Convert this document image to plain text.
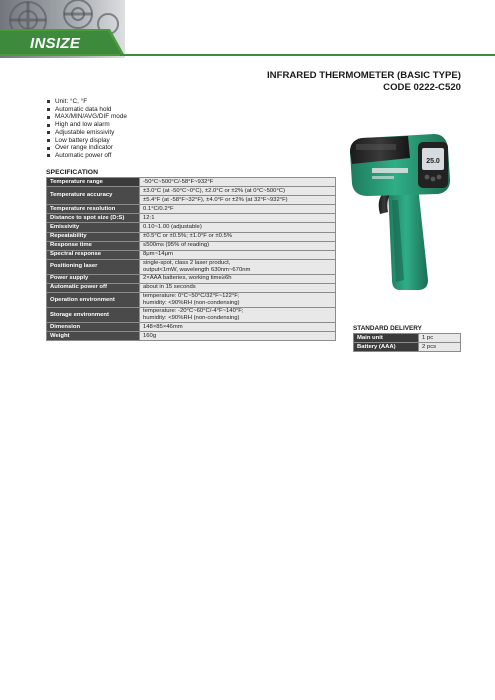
INSIZE
INFRARED THERMOMETER (BASIC TYPE)
CODE 0222-C520
Unit: °C, °F
Automatic data hold
MAX/MIN/AVG/DIF mode
High and low alarm
Adjustable emissivity
Low battery display
Over range indicator
Automatic power off
SPECIFICATION
Temperature range	-50°C~500°C/-58°F~932°F
Temperature accuracy	±3.0°C (at -50°C~0°C), ±2.0°C or ±2% (at 0°C~500°C)
	±5.4°F (at -58°F~32°F), ±4.0°F or ±2% (at 32°F~932°F)
Temperature resolution	0.1°C/0.2°F
Distance to spot size (D:S)	12:1
Emissivity	0.10~1.00 (adjustable)
Repeatability	±0.5°C or ±0.5%; ±1.0°F or ±0.5%
Response time	≤500ms (95% of reading)
Spectral response	8μm~14μm
Positioning laser	single-spot, class 2 laser product,
output<1mW, wavelength 630nm~670nm

Power supply	2×AAA batteries, working time≥6h
Automatic power off	about in 15 seconds
Operation environment	temperature: 0°C~50°C/32°F~122°F;
humidity: <90%RH (non-condensing)

Storage environment	temperature: -20°C~60°C/-4°F~140°F;
humidity: <90%RH (non-condensing)

Dimension	148×85×46mm
Weight	160g
25.0
STANDARD DELIVERY
Main unit	1 pc
Battery (AAA)	2 pcs
